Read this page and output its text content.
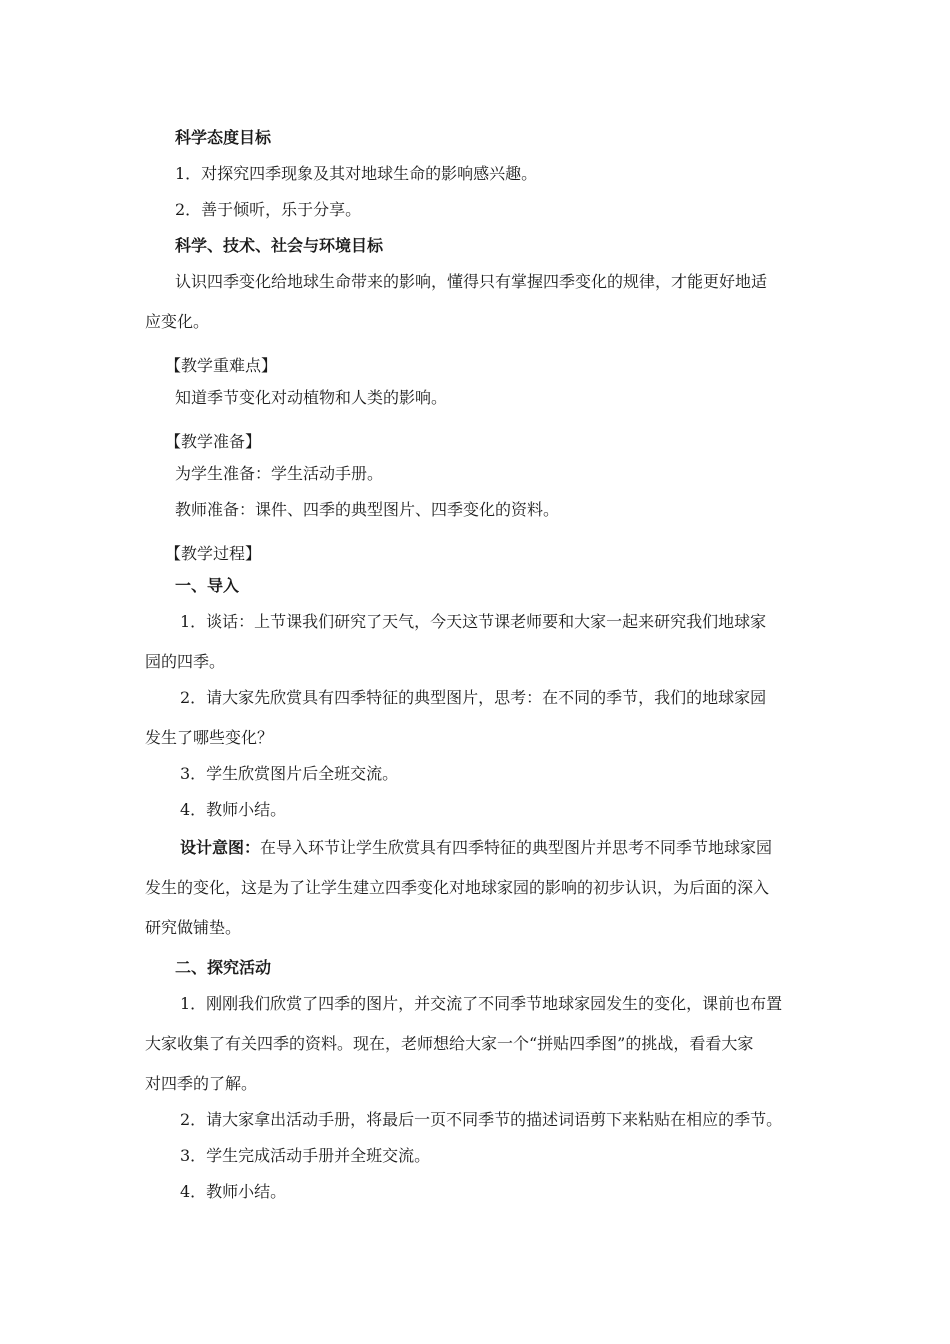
科学态度目标
1．对探究四季现象及其对地球生命的影响感兴趣。
2．善于倾听，乐于分享。
科学、技术、社会与环境目标
认识四季变化给地球生命带来的影响，懂得只有掌握四季变化的规律，才能更好地适
应变化。
【教学重难点】
知道季节变化对动植物和人类的影响。
【教学准备】
为学生准备：学生活动手册。
教师准备：课件、四季的典型图片、四季变化的资料。
【教学过程】
一、导入
1．谈话：上节课我们研究了天气，今天这节课老师要和大家一起来研究我们地球家
园的四季。
2．请大家先欣赏具有四季特征的典型图片，思考：在不同的季节，我们的地球家园
发生了哪些变化？
3．学生欣赏图片后全班交流。
4．教师小结。
设计意图：在导入环节让学生欣赏具有四季特征的典型图片并思考不同季节地球家园
发生的变化，这是为了让学生建立四季变化对地球家园的影响的初步认识，为后面的深入
研究做铺垫。
二、探究活动
1．刚刚我们欣赏了四季的图片，并交流了不同季节地球家园发生的变化，课前也布置
大家收集了有关四季的资料。现在，老师想给大家一个“拼贴四季图”的挑战，看看大家
对四季的了解。
2．请大家拿出活动手册，将最后一页不同季节的描述词语剪下来粘贴在相应的季节。
3．学生完成活动手册并全班交流。
4．教师小结。
